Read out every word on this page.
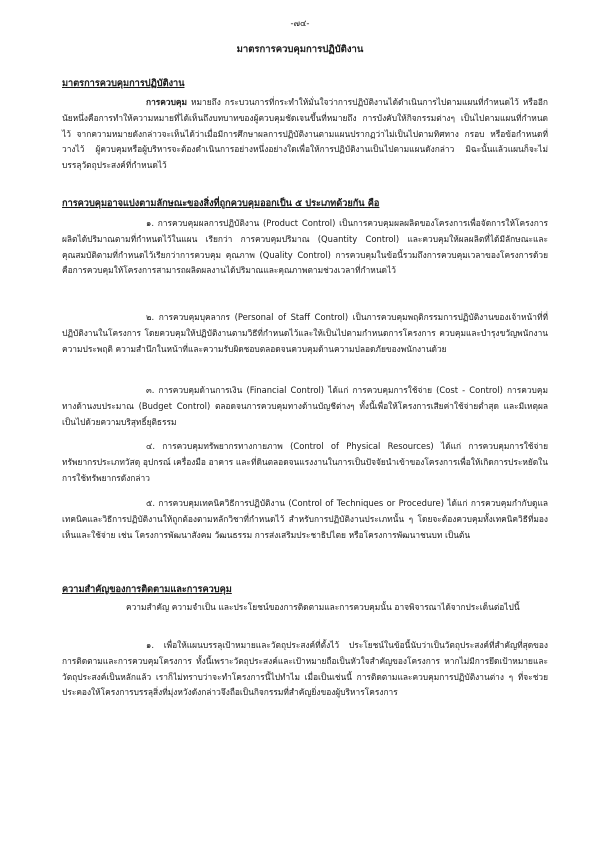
-๗๔-
มาตรการควบคุมการปฏิบัติงาน
มาตรการควบคุมการปฏิบัติงาน

การควบคุม หมายถึง กระบวนการที่กระทำให้มั่นใจว่าการปฏิบัติงานได้ดำเนินการไปตามแผนที่กำหนดไว้ หรืออีกนัยหนึ่งคือการทำให้ความหมายที่ได้เห็นถึงบทบาทของผู้ควบคุมชัดเจนขึ้นที่หมายถึง การบังคับให้กิจกรรมต่างๆ เป็นไปตามแผนที่กำหนดไว้ จากความหมายดังกล่าวจะเห็นได้ว่าเมื่อมีการศึกษาผลการปฏิบัติงานตามแผนปรากฏว่าไม่เป็นไปตามทิศทาง กรอบ หรือข้อกำหนดที่วางไว้ ผู้ควบคุมหรือผู้บริหารจะต้องดำเนินการอย่างหนึ่งอย่างใดเพื่อให้การปฏิบัติงานเป็นไปตามแผนดังกล่าว มิฉะนั้นแล้วแผนก็จะไม่บรรลุวัตถุประสงค์ที่กำหนดไว้

การควบคุมอาจแบ่งตามลักษณะของสิ่งที่ถูกควบคุมออกเป็น ๕ ประเภทด้วยกัน คือ

๑. การควบคุมผลการปฏิบัติงาน (Product Control) เป็นการควบคุมผลผลิตของโครงการเพื่อจัดการให้โครงการผลิตได้ปริมาณตามที่กำหนดไว้ในแผน เรียกว่า การควบคุมปริมาณ (Quantity Control) และควบคุมให้ผลผลิตที่ได้มีลักษณะและคุณสมบัติตามที่กำหนดไว้เรียกว่าการควบคุม คุณภาพ (Quality Control) การควบคุมในข้อนี้รวมถึงการควบคุมเวลาของโครงการด้วย คือการควบคุมให้โครงการสามารถผลิตผลงานได้ปริมาณและคุณภาพตามช่วงเวลาที่กำหนดไว้

๒. การควบคุมบุคลากร (Personal of Staff Control) เป็นการควบคุมพฤติกรรมการปฏิบัติงานของเจ้าหน้าที่ที่ปฏิบัติงานในโครงการ โดยควบคุมให้ปฏิบัติงานตามวิธีที่กำหนดไว้และให้เป็นไปตามกำหนดการโครงการ ควบคุมและบำรุงขวัญพนักงาน ความประพฤติ ความสำนึกในหน้าที่และความรับผิดชอบตลอดจนควบคุมด้านความปลอดภัยของพนักงานด้วย

๓. การควบคุมด้านการเงิน (Financial Control) ได้แก่ การควบคุมการใช้จ่าย (Cost - Control) การควบคุมทางด้านงบประมาณ (Budget Control) ตลอดจนการควบคุมทางด้านบัญชีต่างๆ ทั้งนี้เพื่อให้โครงการเสียค่าใช้จ่ายต่ำสุด และมีเหตุผลเป็นไปด้วยความบริสุทธิ์ยุติธรรม

๔. การควบคุมทรัพยากรทางกายภาพ (Control of Physical Resources) ได้แก่ การควบคุมการใช้จ่ายทรัพยากรประเภทวัสดุ อุปกรณ์ เครื่องมือ อาคาร และที่ดินตลอดจนแรงงานในการเป็นปัจจัยนำเข้าของโครงการเพื่อให้เกิดการประหยัดในการใช้ทรัพยากรดังกล่าว

๕. การควบคุมเทคนิควิธีการปฏิบัติงาน (Control of Techniques or Procedure) ได้แก่ การควบคุมกำกับดูแลเทคนิคและวิธีการปฏิบัติงานให้ถูกต้องตามหลักวิชาที่กำหนดไว้ สำหรับการปฏิบัติงานประเภทนั้น ๆ โดยจะต้องควบคุมทั้งเทคนิควิธีที่มองเห็นและใช้จ่าย เช่น โครงการพัฒนาสังคม วัฒนธรรม การส่งเสริมประชาธิปไตย หรือโครงการพัฒนาชนบท เป็นต้น

ความสำคัญของการติดตามและการควบคุม

ความสำคัญ ความจำเป็น และประโยชน์ของการติดตามและการควบคุมนั้น อาจพิจารณาได้จากประเด็นต่อไปนี้

๑. เพื่อให้แผนบรรลุเป้าหมายและวัตถุประสงค์ที่ตั้งไว้ ประโยชน์ในข้อนี้นับว่าเป็นวัตถุประสงค์ที่สำคัญที่สุดของการติดตามและการควบคุมโครงการ ทั้งนี้เพราะวัตถุประสงค์และเป้าหมายถือเป็นหัวใจสำคัญของโครงการ หากไม่มีการยึดเป้าหมายและวัตถุประสงค์เป็นหลักแล้ว เราก็ไม่ทราบว่าจะทำโครงการนี้ไปทำไม เมื่อเป็นเช่นนี้ การติดตามและควบคุมการปฏิบัติงานต่าง ๆ ที่จะช่วยประคองให้โครงการบรรลุสิ่งที่มุ่งหวังดังกล่าวจึงถือเป็นกิจกรรมที่สำคัญยิ่งของผู้บริหารโครงการ
